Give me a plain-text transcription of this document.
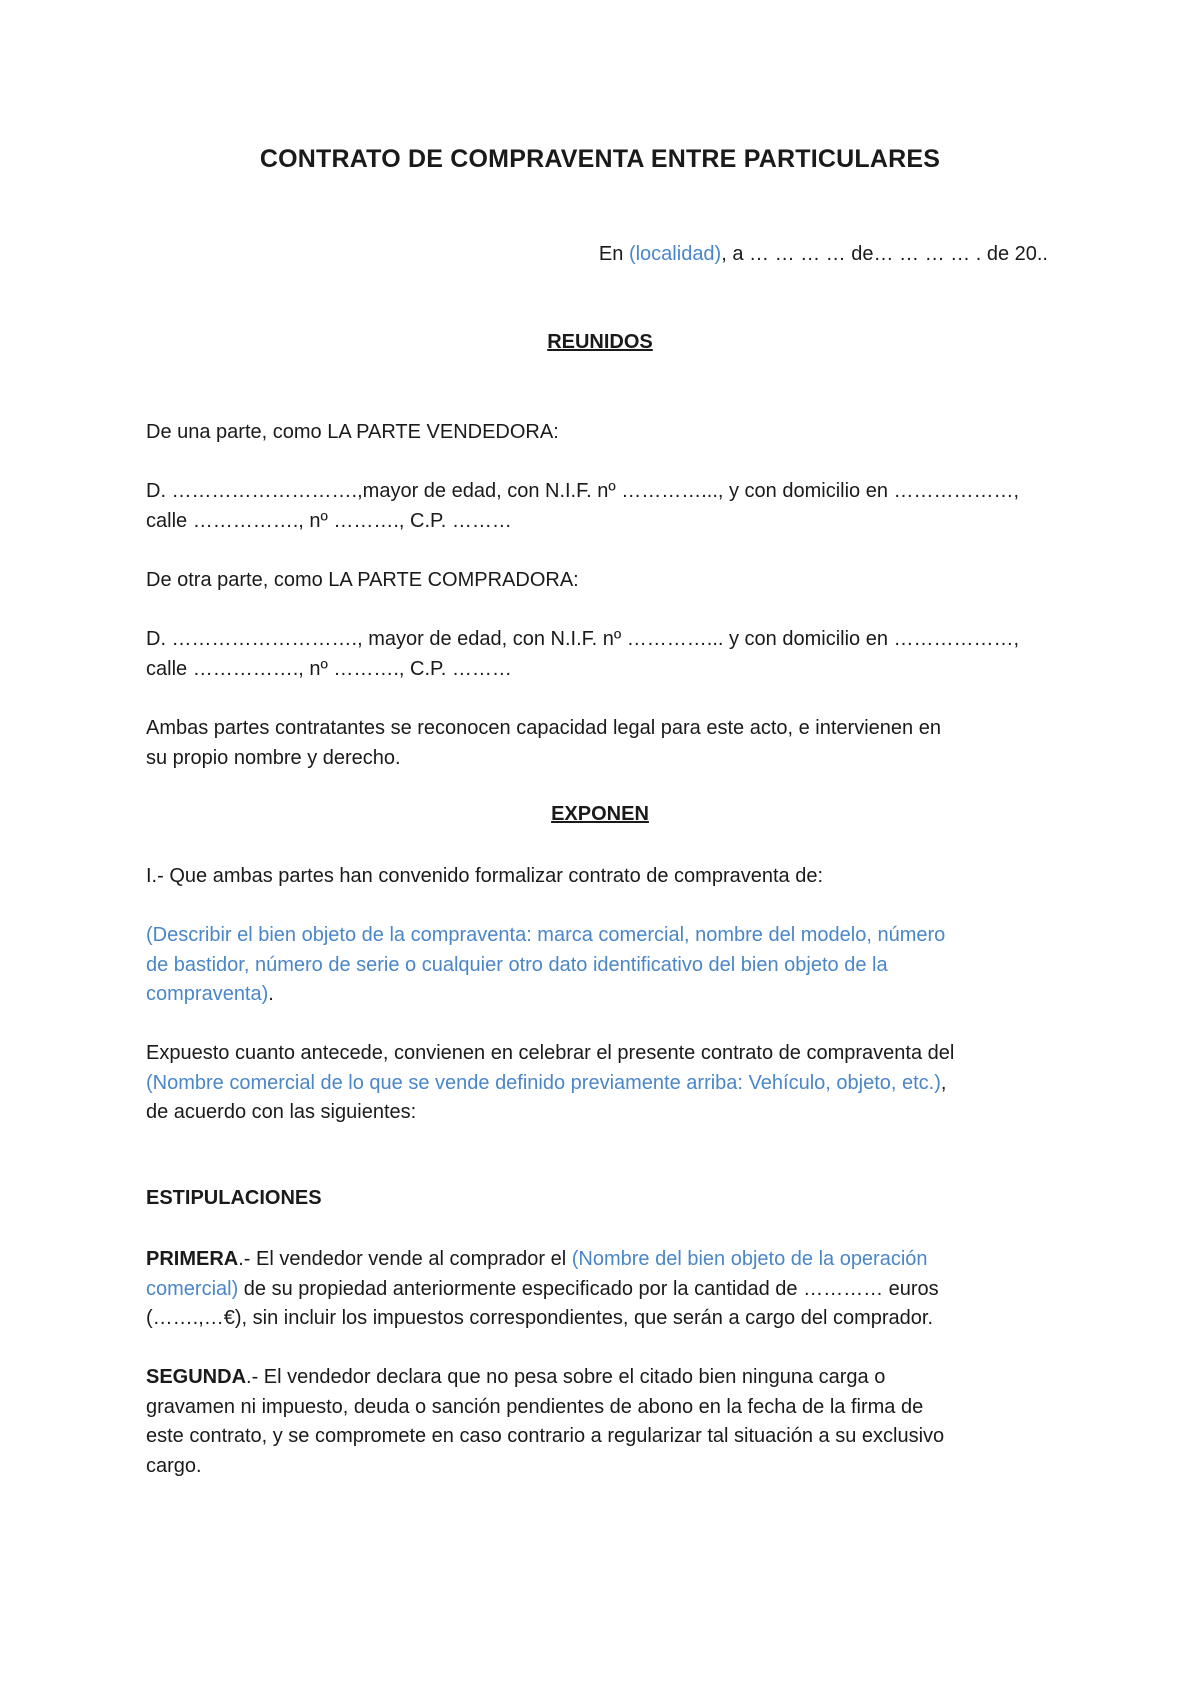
CONTRATO DE COMPRAVENTA ENTRE PARTICULARES
En (localidad), a … … … … de… … … … . de 20..
REUNIDOS
De una parte, como LA PARTE VENDEDORA:
D. ……………………….,mayor de edad, con N.I.F. nº …………..., y con domicilio en ………………,
calle ……………., nº ………., C.P. ………
De otra parte, como LA PARTE COMPRADORA:
D. ………………………., mayor de edad, con N.I.F. nº …………... y con domicilio en ………………,
calle ……………., nº ………., C.P. ………
Ambas partes contratantes se reconocen capacidad legal para este acto, e intervienen en
su propio nombre y derecho.
EXPONEN
I.- Que ambas partes han convenido formalizar contrato de compraventa de:
(Describir el bien objeto de la compraventa: marca comercial, nombre del modelo, número
de bastidor, número de serie o cualquier otro dato identificativo del bien objeto de la
compraventa).
Expuesto cuanto antecede, convienen en celebrar el presente contrato de compraventa del
(Nombre comercial de lo que se vende definido previamente arriba: Vehículo, objeto, etc.),
de acuerdo con las siguientes:
ESTIPULACIONES
PRIMERA.- El vendedor vende al comprador el (Nombre del bien objeto de la operación
comercial) de su propiedad anteriormente especificado por la cantidad de ………… euros
(…….,…€), sin incluir los impuestos correspondientes, que serán a cargo del comprador.
SEGUNDA.- El vendedor declara que no pesa sobre el citado bien ninguna carga o
gravamen ni impuesto, deuda o sanción pendientes de abono en la fecha de la firma de
este contrato, y se compromete en caso contrario a regularizar tal situación a su exclusivo
cargo.
